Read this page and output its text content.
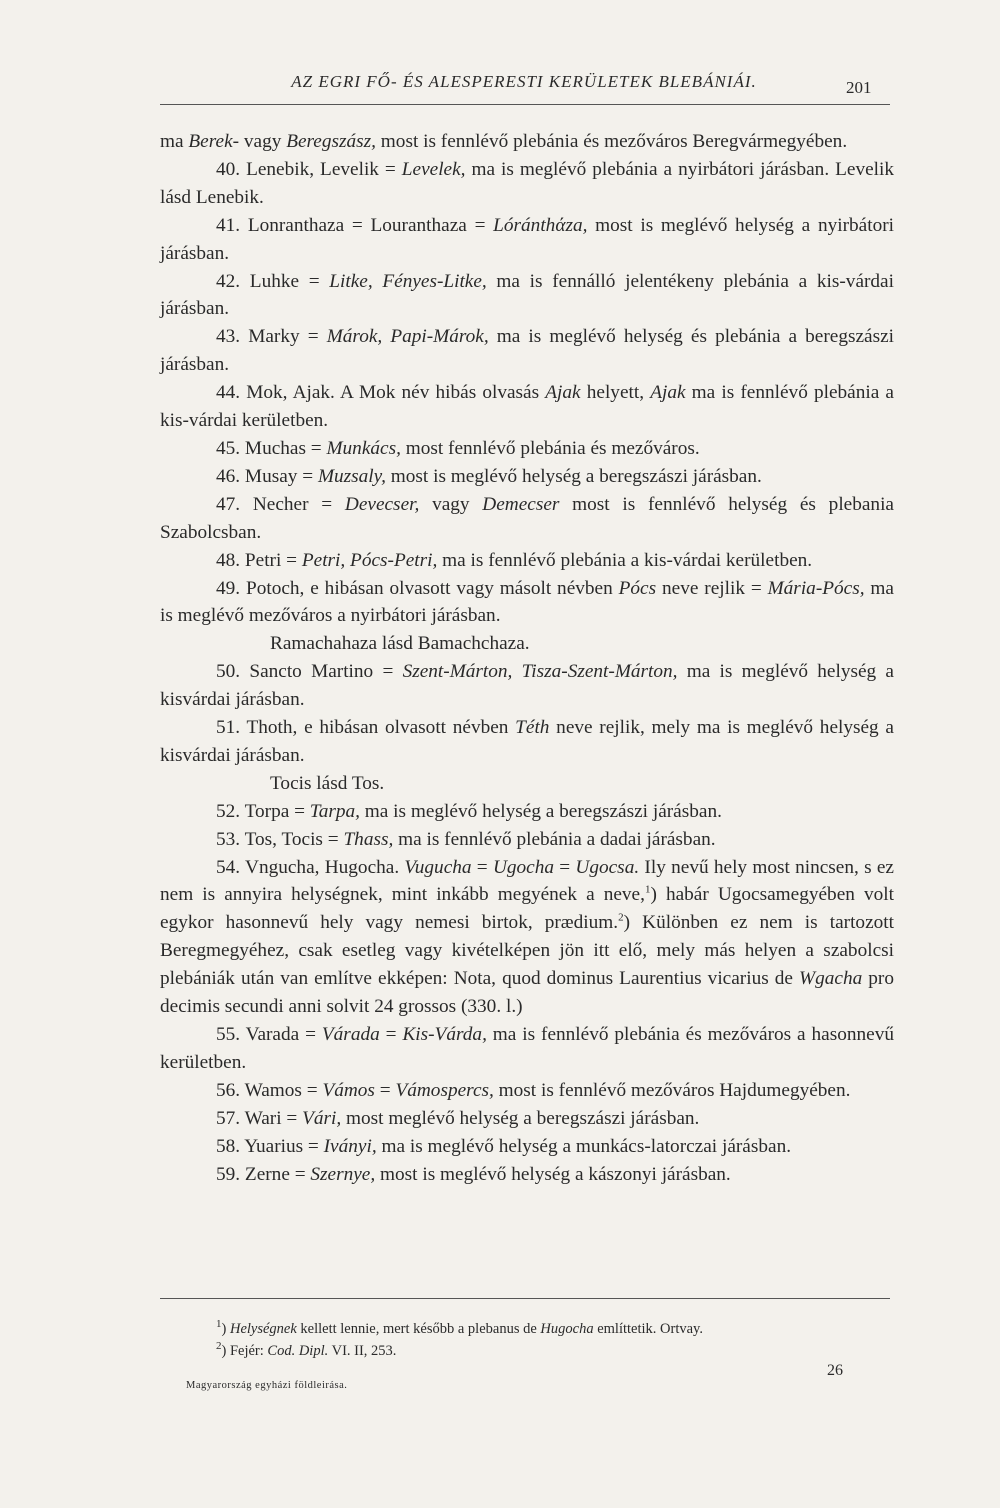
AZ EGRI FŐ- ÉS ALESPERESTI KERÜLETEK BLEBÁNIÁI.	201

ma Berek- vagy Beregszász, most is fennlévő plebánia és mezőváros Beregvármegyében.

40. Lenebik, Levelik = Levelek, ma is meglévő plebánia a nyirbátori járásban. Levelik lásd Lenebik.

41. Lonranthaza = Louranthaza = Lóránthάza, most is meglévő helység a nyirbátori járásban.

42. Luhke = Litke, Fényes-Litke, ma is fennálló jelentékeny plebánia a kis-várdai járásban.

43. Marky = Márok, Papi-Márok, ma is meglévő helység és plebánia a beregszászi járásban.

44. Mok, Ajak. A Mok név hibás olvasás Ajak helyett, Ajak ma is fennlévő plebánia a kis-várdai kerületben.

45. Muchas = Munkács, most fennlévő plebánia és mezőváros.

46. Musay = Muzsaly, most is meglévő helység a beregszászi járásban.

47. Necher = Devecser, vagy Demecser most is fennlévő helység és plebania Szabolcsban.

48. Petri = Petri, Pócs-Petri, ma is fennlévő plebánia a kis-várdai kerületben.

49. Potoch, e hibásan olvasott vagy másolt névben Pócs neve rejlik = Mária-Pócs, ma is meglévő mezőváros a nyirbátori járásban.

Ramachahaza lásd Bamachchaza.

50. Sancto Martino = Szent-Márton, Tisza-Szent-Márton, ma is meglévő helység a kisvárdai járásban.

51. Thoth, e hibásan olvasott névben Téth neve rejlik, mely ma is meglévő helység a kisvárdai járásban.

Tocis lásd Tos.

52. Torpa = Tarpa, ma is meglévő helység a beregszászi járásban.

53. Tos, Tocis = Thass, ma is fennlévő plebánia a dadai járásban.

54. Vngucha, Hugocha. Vugucha = Ugocha = Ugocsa. Ily nevű hely most nincsen, s ez nem is annyira helységnek, mint inkább megyének a neve,$^1$) habár Ugocsamegyében volt egykor hasonnevű hely vagy nemesi birtok, prædium.$^2$) Különben ez nem is tartozott Beregmegyéhez, csak esetleg vagy kivételképen jön itt elő, mely más helyen a szabolcsi plebániák után van említve ekképen: Nota, quod dominus Laurentius vicarius de Wgacha pro decimis secundi anni solvit 24 grossos (330. l.)

55. Varada = Várada = Kis-Várda, ma is fennlévő plebánia és mezőváros a hasonnevű kerületben.

56. Wamos = Vámos = Vámospercs, most is fennlévő mezőváros Hajdumegyében.

57. Wari = Vári, most meglévő helység a beregszászi járásban.

58. Yuarius = Iványi, ma is meglévő helység a munkács-latorczai járásban.

59. Zerne = Szernye, most is meglévő helység a kászonyi járásban.

$^1$) Helységnek kellett lennie, mert később a plebanus de Hugocha említtetik. Ortvay.

$^2$) Fejér: Cod. Dipl. VI. II, 253.

26
Magyarország egyházi földleirása.
